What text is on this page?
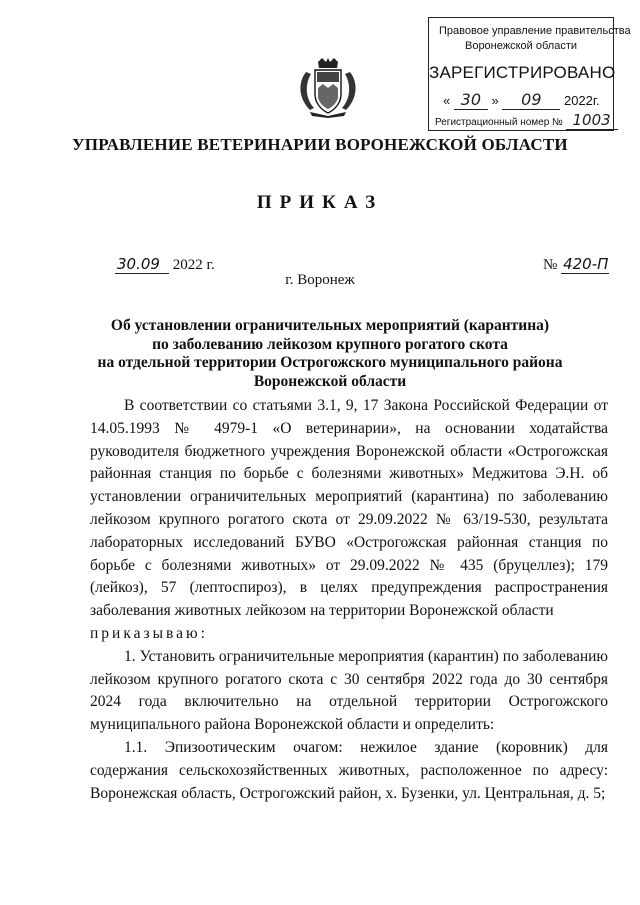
Правовое управление правительства
Воронежской области
ЗАРЕГИСТРИРОВАНО
« 30 » 09 2022г.
Регистрационный номер № 1003
УПРАВЛЕНИЕ ВЕТЕРИНАРИИ ВОРОНЕЖСКОЙ ОБЛАСТИ
ПРИКАЗ
30.09 2022 г.	№ 420-П
г. Воронеж
Об установлении ограничительных мероприятий (карантина)
по заболеванию лейкозом крупного рогатого скота
на отдельной территории Острогожского муниципального района
Воронежской области

В соответствии со статьями 3.1, 9, 17 Закона Российской Федерации от 14.05.1993 № 4979-1 «О ветеринарии», на основании ходатайства руководителя бюджетного учреждения Воронежской области «Острогожская районная станция по борьбе с болезнями животных» Меджитова Э.Н. об установлении ограничительных мероприятий (карантина) по заболеванию лейкозом крупного рогатого скота от 29.09.2022 № 63/19-530, результата лабораторных исследований БУВО «Острогожская районная станция по борьбе с болезнями животных» от 29.09.2022 № 435 (бруцеллез); 179 (лейкоз), 57 (лептоспироз), в целях предупреждения распространения заболевания животных лейкозом на территории Воронежской области

приказываю:

1. Установить ограничительные мероприятия (карантин) по заболеванию лейкозом крупного рогатого скота с 30 сентября 2022 года до 30 сентября 2024 года включительно на отдельной территории Острогожского муниципального района Воронежской области и определить:

1.1. Эпизоотическим очагом: нежилое здание (коровник) для содержания сельскохозяйственных животных, расположенное по адресу: Воронежская область, Острогожский район, х. Бузенки, ул. Центральная, д. 5;
